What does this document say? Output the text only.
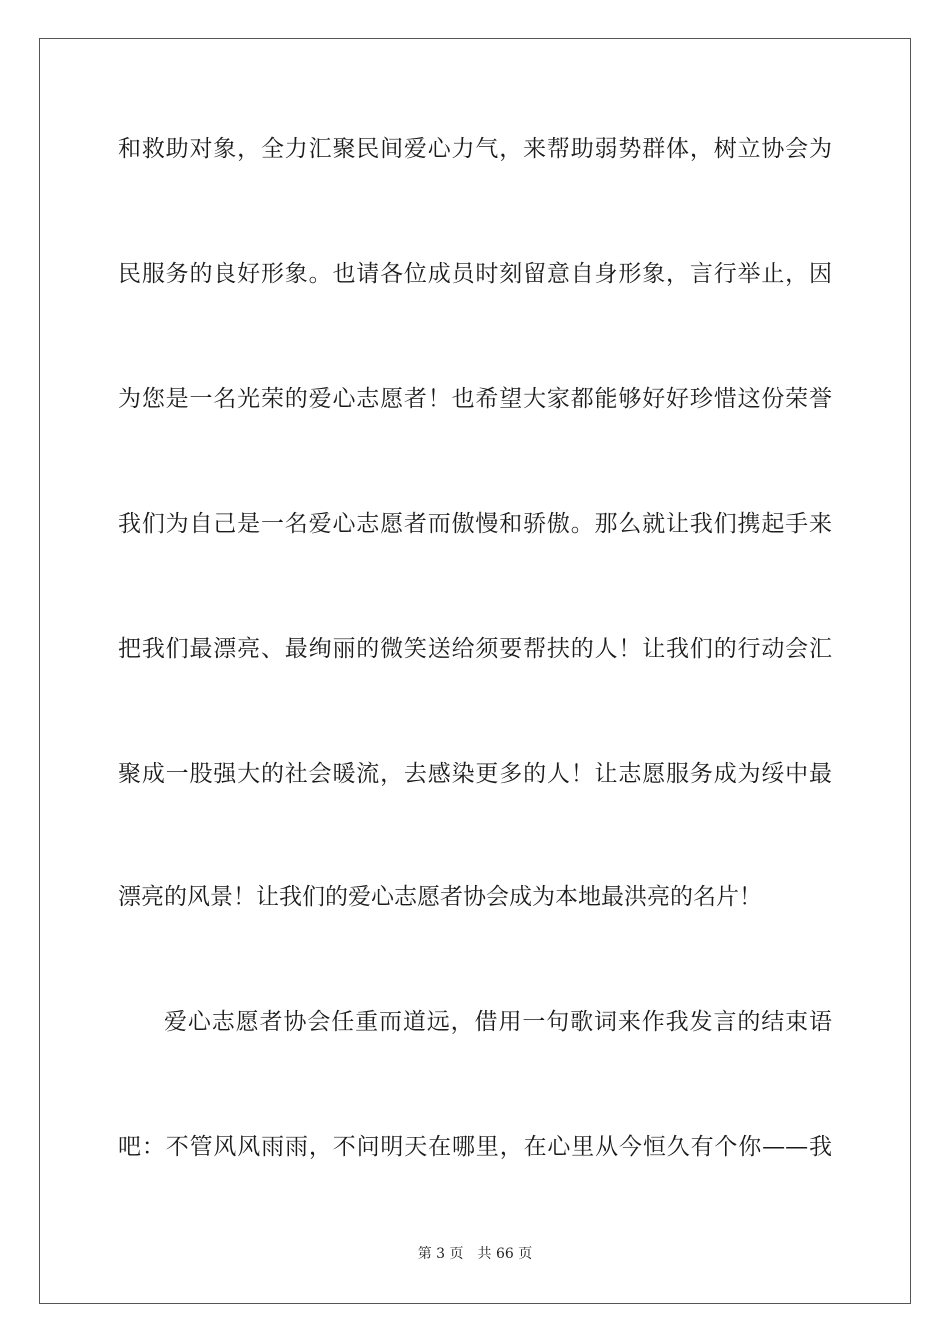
和救助对象，全力汇聚民间爱心力气，来帮助弱势群体，树立协会为
民服务的良好形象。也请各位成员时刻留意自身形象，言行举止，因
为您是一名光荣的爱心志愿者！也希望大家都能够好好珍惜这份荣誉
我们为自己是一名爱心志愿者而傲慢和骄傲。那么就让我们携起手来
把我们最漂亮、最绚丽的微笑送给须要帮扶的人！让我们的行动会汇
聚成一股强大的社会暖流，去感染更多的人！让志愿服务成为绥中最
漂亮的风景！让我们的爱心志愿者协会成为本地最洪亮的名片！
爱心志愿者协会任重而道远，借用一句歌词来作我发言的结束语
吧：不管风风雨雨，不问明天在哪里，在心里从今恒久有个你——我
第 3 页 共 66 页
